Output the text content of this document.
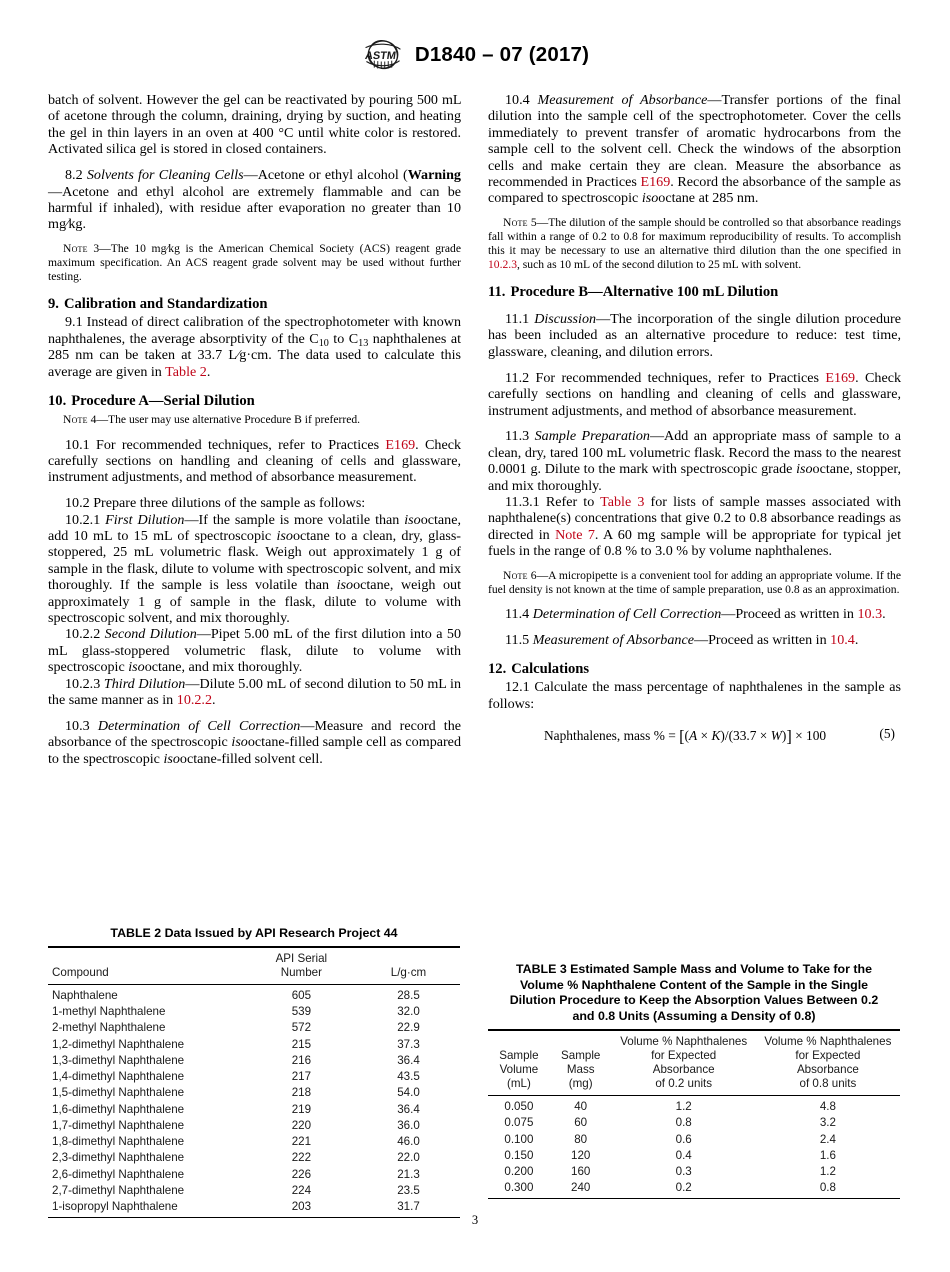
ASTM D1840 – 07 (2017)

batch of solvent. However the gel can be reactivated by pouring 500 mL of acetone through the column, draining, drying by suction, and heating the gel in thin layers in an oven at 400 °C until white color is restored. Activated silica gel is stored in closed containers.

8.2 Solvents for Cleaning Cells—Acetone or ethyl alcohol (Warning—Acetone and ethyl alcohol are extremely flammable and can be harmful if inhaled), with residue after evaporation no greater than 10 mg⁄kg.

Note 3—The 10 mg⁄kg is the American Chemical Society (ACS) reagent grade maximum specification. An ACS reagent grade solvent may be used without further testing.

9. Calibration and Standardization

9.1 Instead of direct calibration of the spectrophotometer with known naphthalenes, the average absorptivity of the $C_{10}$ to $C_{13}$ naphthalenes at 285 nm can be taken at 33.7 L⁄g·cm. The data used to calculate this average are given in Table 2.

10. Procedure A—Serial Dilution

Note 4—The user may use alternative Procedure B if preferred.

10.1 For recommended techniques, refer to Practices E169. Check carefully sections on handling and cleaning of cells and glassware, instrument adjustments, and method of absorbance measurement.

10.2 Prepare three dilutions of the sample as follows:

10.2.1 First Dilution—If the sample is more volatile than isooctane, add 10 mL to 15 mL of spectroscopic isooctane to a clean, dry, glass-stoppered, 25 mL volumetric flask. Weigh out approximately 1 g of sample in the flask, dilute to volume with spectroscopic solvent, and mix thoroughly. If the sample is less volatile than isooctane, weigh out approximately 1 g of sample in the flask, dilute to volume with spectroscopic solvent, and mix thoroughly.

10.2.2 Second Dilution—Pipet 5.00 mL of the first dilution into a 50 mL glass-stoppered volumetric flask, dilute to volume with spectroscopic isooctane, and mix thoroughly.

10.2.3 Third Dilution—Dilute 5.00 mL of second dilution to 50 mL in the same manner as in 10.2.2.

10.3 Determination of Cell Correction—Measure and record the absorbance of the spectroscopic isooctane-filled sample cell as compared to the spectroscopic isooctane-filled solvent cell.

10.4 Measurement of Absorbance—Transfer portions of the final dilution into the sample cell of the spectrophotometer. Cover the cells immediately to prevent transfer of aromatic hydrocarbons from the sample cell to the solvent cell. Check the windows of the absorption cells and make certain they are clean. Measure the absorbance as recommended in Practices E169. Record the absorbance of the sample as compared to spectroscopic isooctane at 285 nm.

Note 5—The dilution of the sample should be controlled so that absorbance readings fall within a range of 0.2 to 0.8 for maximum reproducibility of results. To accomplish this it may be necessary to use an alternative third dilution than the one specified in 10.2.3, such as 10 mL of the second dilution to 25 mL with solvent.

11. Procedure B—Alternative 100 mL Dilution

11.1 Discussion—The incorporation of the single dilution procedure has been included as an alternative procedure to reduce: test time, glassware, cleaning, and dilution errors.

11.2 For recommended techniques, refer to Practices E169. Check carefully sections on handling and cleaning of cells and glassware, instrument adjustments, and method of absorbance measurement.

11.3 Sample Preparation—Add an appropriate mass of sample to a clean, dry, tared 100 mL volumetric flask. Record the mass to the nearest 0.0001 g. Dilute to the mark with spectroscopic grade isooctane, stopper, and mix thoroughly.

11.3.1 Refer to Table 3 for lists of sample masses associated with naphthalene(s) concentrations that give 0.2 to 0.8 absorbance readings as directed in Note 7. A 60 mg sample will be appropriate for typical jet fuels in the range of 0.8 % to 3.0 % by volume naphthalenes.

Note 6—A micropipette is a convenient tool for adding an appropriate volume. If the fuel density is not known at the time of sample preparation, use 0.8 as an approximation.

11.4 Determination of Cell Correction—Proceed as written in 10.3.

11.5 Measurement of Absorbance—Proceed as written in 10.4.

12. Calculations

12.1 Calculate the mass percentage of naphthalenes in the sample as follows:

Naphthalenes, mass % = [(A × K)/(33.7 × W)] × 100	(5)
TABLE 2 Data Issued by API Research Project 44
Compound	API Serial
Number	L/g·cm
Naphthalene	605	28.5
1-methyl Naphthalene	539	32.0
2-methyl Naphthalene	572	22.9
1,2-dimethyl Naphthalene	215	37.3
1,3-dimethyl Naphthalene	216	36.4
1,4-dimethyl Naphthalene	217	43.5
1,5-dimethyl Naphthalene	218	54.0
1,6-dimethyl Naphthalene	219	36.4
1,7-dimethyl Naphthalene	220	36.0
1,8-dimethyl Naphthalene	221	46.0
2,3-dimethyl Naphthalene	222	22.0
2,6-dimethyl Naphthalene	226	21.3
2,7-dimethyl Naphthalene	224	23.5
1-isopropyl Naphthalene	203	31.7
TABLE 3 Estimated Sample Mass and Volume to Take for the
Volume % Naphthalene Content of the Sample in the Single
Dilution Procedure to Keep the Absorption Values Between 0.2
and 0.8 Units (Assuming a Density of 0.8)
Sample
Volume
(mL)	Sample
Mass
(mg)	Volume % Naphthalenes
for Expected
Absorbance
of 0.2 units	Volume % Naphthalenes
for Expected
Absorbance
of 0.8 units
0.050	40	1.2	4.8
0.075	60	0.8	3.2
0.100	80	0.6	2.4
0.150	120	0.4	1.6
0.200	160	0.3	1.2
0.300	240	0.2	0.8
3
